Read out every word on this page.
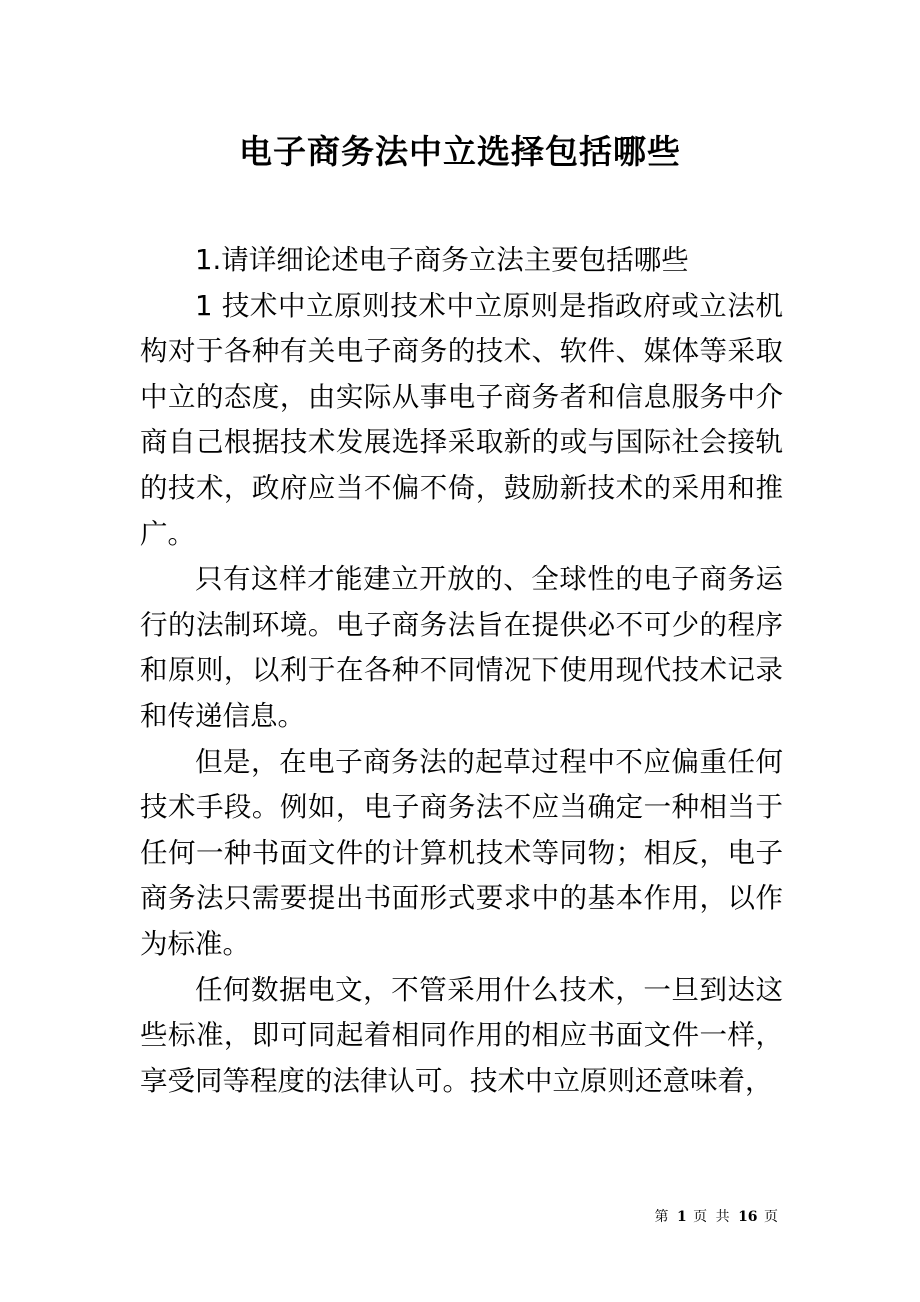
电子商务法中立选择包括哪些

1.请详细论述电子商务立法主要包括哪些

1 技术中立原则技术中立原则是指政府或立法机构对于各种有关电子商务的技术、软件、媒体等采取中立的态度，由实际从事电子商务者和信息服务中介商自己根据技术发展选择采取新的或与国际社会接轨的技术，政府应当不偏不倚，鼓励新技术的采用和推广。

只有这样才能建立开放的、全球性的电子商务运行的法制环境。电子商务法旨在提供必不可少的程序和原则，以利于在各种不同情况下使用现代技术记录和传递信息。

但是，在电子商务法的起草过程中不应偏重任何技术手段。例如，电子商务法不应当确定一种相当于任何一种书面文件的计算机技术等同物；相反，电子商务法只需要提出书面形式要求中的基本作用，以作为标准。

任何数据电文，不管采用什么技术，一旦到达这些标准，即可同起着相同作用的相应书面文件一样，享受同等程度的法律认可。技术中立原则还意味着，

第 1 页 共 16 页
